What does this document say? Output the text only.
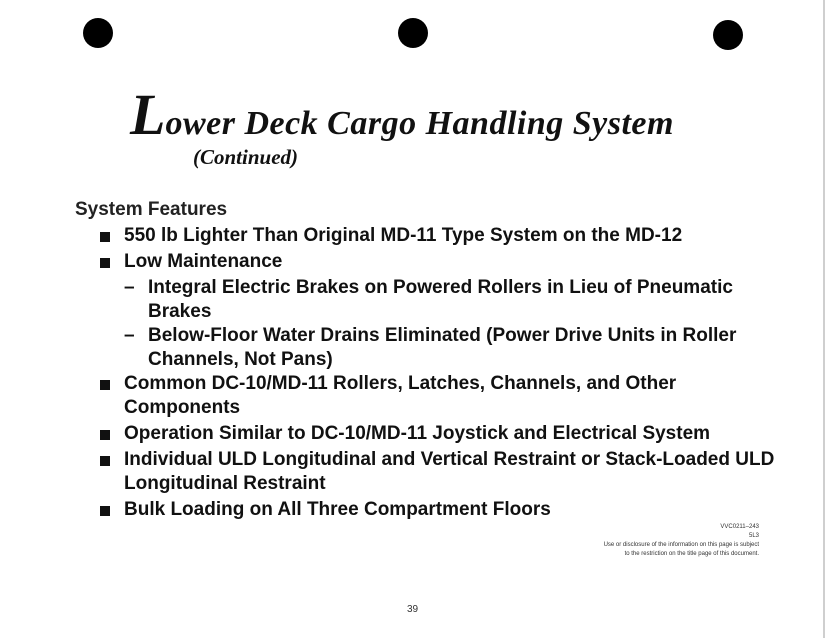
Lower Deck Cargo Handling System
(Continued)
System Features
550 lb Lighter Than Original MD-11 Type System on the MD-12
Low Maintenance
– Integral Electric Brakes on Powered Rollers in Lieu of Pneumatic Brakes
– Below-Floor Water Drains Eliminated (Power Drive Units in Roller Channels, Not Pans)
Common DC-10/MD-11 Rollers, Latches, Channels, and Other Components
Operation Similar to DC-10/MD-11 Joystick and Electrical System
Individual ULD Longitudinal and Vertical Restraint or Stack-Loaded ULD Longitudinal Restraint
Bulk Loading on All Three Compartment Floors
VVC0211–243
5L3
Use or disclosure of the information on this page is subject
to the restriction on the title page of this document.
39
